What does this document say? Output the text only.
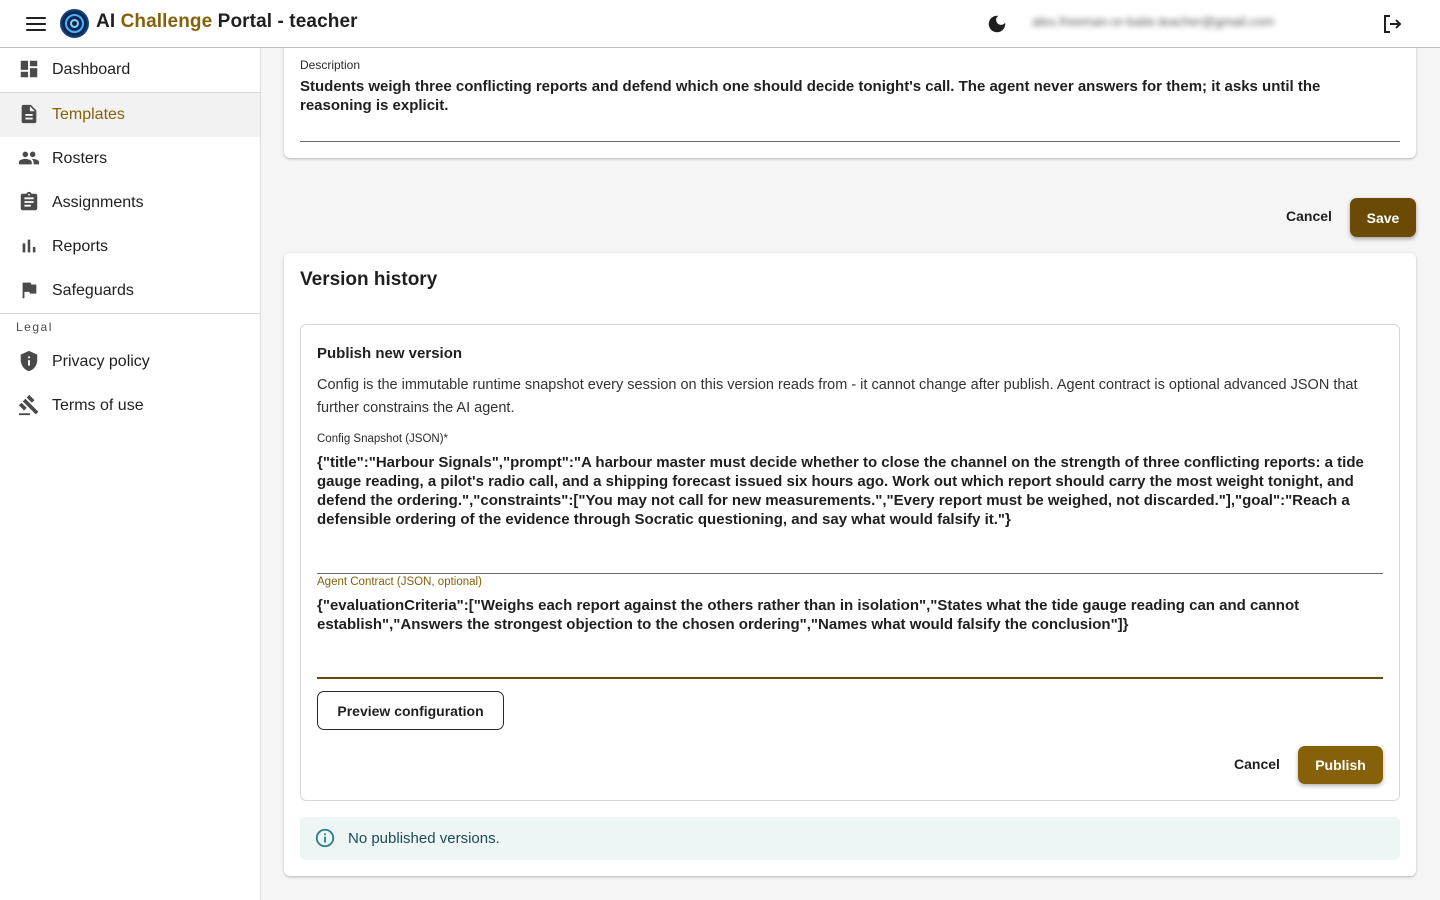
AI Challenge Portal - teacher	alex.freeman-or-katie.teacher@gmail.com
Dashboard
Templates
Rosters
Assignments
Reports
Safeguards
Legal
Privacy policy
Terms of use
Description
Students weigh three conflicting reports and defend which one should decide tonight's call. The agent never answers for them; it asks until the reasoning is explicit.
Cancel	Save
Version history
Publish new version
Config is the immutable runtime snapshot every session on this version reads from - it cannot change after publish. Agent contract is optional advanced JSON that further constrains the AI agent.
Config Snapshot (JSON)*
{"title":"Harbour Signals","prompt":"A harbour master must decide whether to close the channel on the strength of three conflicting reports: a tide gauge reading, a pilot's radio call, and a shipping forecast issued six hours ago. Work out which report should carry the most weight tonight, and defend the ordering.","constraints":["You may not call for new measurements.","Every report must be weighed, not discarded."],"goal":"Reach a defensible ordering of the evidence through Socratic questioning, and say what would falsify it."}
Agent Contract (JSON, optional)
{"evaluationCriteria":["Weighs each report against the others rather than in isolation","States what the tide gauge reading can and cannot establish","Answers the strongest objection to the chosen ordering","Names what would falsify the conclusion"]}
Preview configuration
Cancel	Publish
No published versions.
